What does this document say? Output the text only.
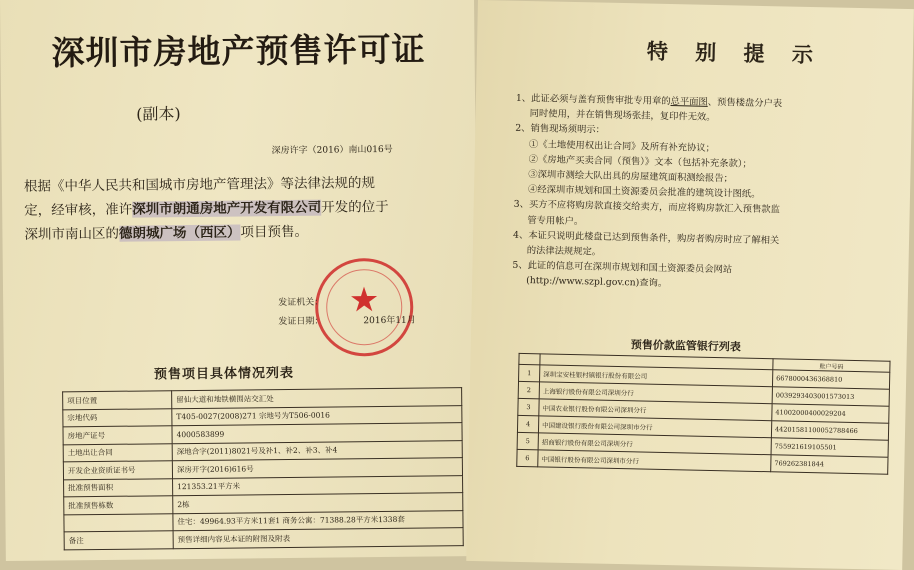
深圳市房地产预售许可证
(副本)
深房许字（2016）南山016号
根据《中华人民共和国城市房地产管理法》等法律法规的规
定，经审核，准许深圳市朗通房地产开发有限公司开发的位于
深圳市南山区的德朗城广场（西区）项目预售。
★
发证机关：
发证日期：	2016年11月
预售项目具体情况列表
项目位置	留仙大道和地铁横围站交汇处
宗地代码	T405-0027(2008)271 宗地号为T506-0016
房地产证号	4000583899
土地出让合同	深地合字(2011)8021号及补1、补2、补3、补4
开发企业资质证书号	深房开字(2016)616号
批准预售面积	121353.21平方米
批准预售栋数	2栋
	住宅：49964.93平方米11套1 商务公寓：71388.28平方米1338套
备注	预售详细内容见本证的附图及附表
特 别 提 示
1、此证必须与盖有预售审批专用章的总平面图、预售楼盘分户表
同时使用，并在销售现场张挂，复印件无效。
2、销售现场须明示：
①《土地使用权出让合同》及所有补充协议；
②《房地产买卖合同（预售）》文本（包括补充条款）；
③深圳市测绘大队出具的房屋建筑面积测绘报告；
④经深圳市规划和国土资源委员会批准的建筑设计图纸。
3、买方不应将购房款直接交给卖方，而应将购房款汇入预售款监
管专用帐户。
4、本证只说明此楼盘已达到预售条件，购房者购房时应了解相关
的法律法规规定。
5、此证的信息可在深圳市规划和国土资源委员会网站
(http://www.szpl.gov.cn)查询。
预售价款监管银行列表
		账户号码
1	深圳宝安桂银村镇银行股份有限公司	6678000436368810
2	上海银行股份有限公司深圳分行	0039293403001573013
3	中国农业银行股份有限公司深圳分行	41002000400029204
4	中国建设银行股份有限公司深圳市分行	44201581100052788466
5	招商银行股份有限公司深圳分行	755921619105501
6	中国银行股份有限公司深圳市分行	769262381844
